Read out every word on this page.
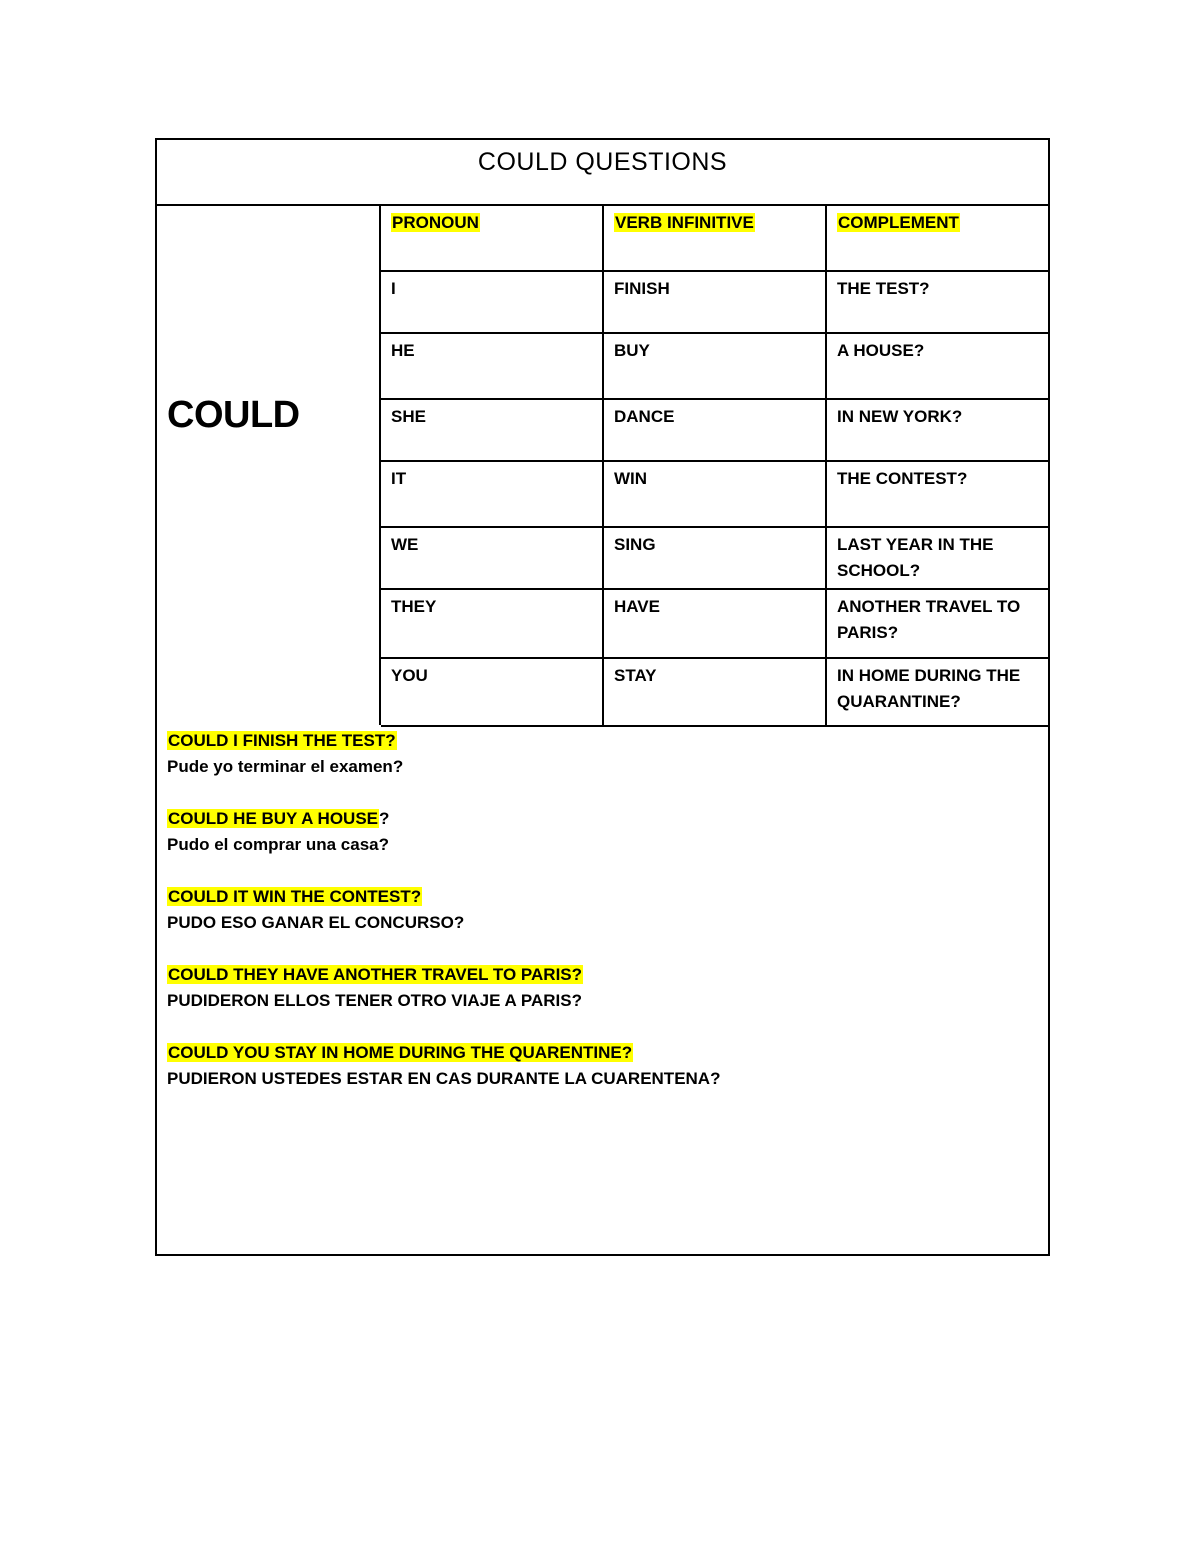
COULD QUESTIONS
COULD
PRONOUN	VERB INFINITIVE	COMPLEMENT
I	FINISH	THE TEST?
HE	BUY	A HOUSE?
SHE	DANCE	IN NEW YORK?
IT	WIN	THE CONTEST?
WE	SING	LAST YEAR IN THE SCHOOL?
THEY	HAVE	ANOTHER TRAVEL TO PARIS?
YOU	STAY	IN HOME DURING THE QUARANTINE?
COULD I FINISH THE TEST?
Pude yo terminar el examen?
COULD HE BUY A HOUSE?
Pudo el comprar una casa?
COULD IT WIN THE CONTEST?
PUDO ESO GANAR EL CONCURSO?
COULD THEY HAVE ANOTHER TRAVEL TO PARIS?
PUDIDERON ELLOS TENER OTRO VIAJE A PARIS?
COULD YOU STAY IN HOME DURING THE QUARENTINE?
PUDIERON USTEDES ESTAR EN CAS DURANTE LA CUARENTENA?
